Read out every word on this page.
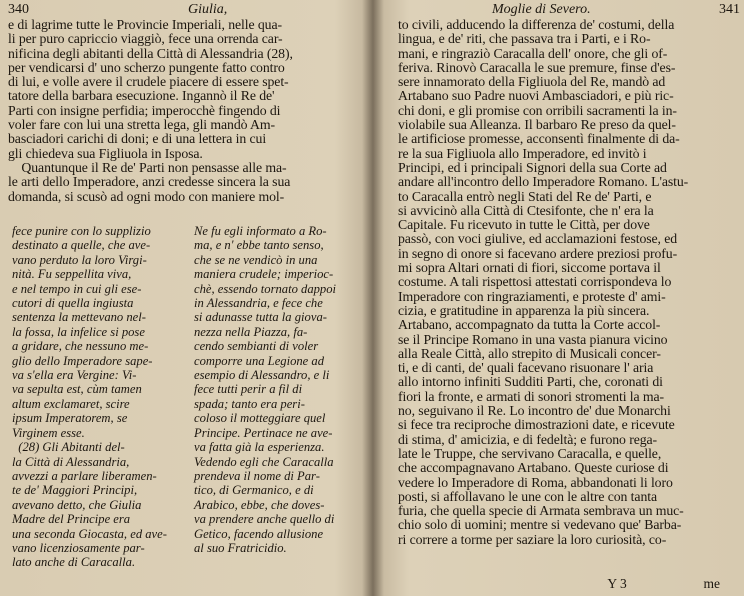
340	Giulia,
e di lagrime tutte le Provincie Imperiali, nelle qua-
li per puro capriccio viaggiò, fece una orrenda car-
nificina degli abitanti della Città di Alessandria (28),
per vendicarsi d' uno scherzo pungente fatto contro
di lui, e volle avere il crudele piacere di essere spet-
tatore della barbara esecuzione. Ingannò il Re de'
Parti con insigne perfidia; imperocchè fingendo di
voler fare con lui una stretta lega, gli mandò Am-
basciadori carichi di doni; e di una lettera in cui
gli chiedeva sua Figliuola in Isposa.
Quantunque il Re de' Parti non pensasse alle ma-
le arti dello Imperadore, anzi credesse sincera la sua
domanda, si scusò ad ogni modo con maniere mol-
fece punire con lo supplizio
destinato a quelle, che ave-
vano perduto la loro Virgi-
nità. Fu seppellita viva,
e nel tempo in cui gli ese-
cutori di quella ingiusta
sentenza la mettevano nel-
la fossa, la infelice si pose
a gridare, che nessuno me-
glio dello Imperadore sape-
va s'ella era Vergine: Vi-
va sepulta est, cùm tamen
altum exclamaret, scire
ipsum Imperatorem, se
Virginem esse.
(28) Gli Abitanti del-
la Città di Alessandria,
avvezzi a parlare liberamen-
te de' Maggiori Principi,
avevano detto, che Giulia
Madre del Principe era
una seconda Giocasta, ed ave-
vano licenziosamente par-
lato anche di Caracalla.
Ne fu egli informato a Ro-
ma, e n' ebbe tanto senso,
che se ne vendicò in una
maniera crudele; imperioc-
chè, essendo tornato dappoi
in Alessandria, e fece che
si adunasse tutta la giova-
nezza nella Piazza, fa-
cendo sembianti di voler
comporre una Legione ad
esempio di Alessandro, e li
fece tutti perir a fil di
spada; tanto era peri-
coloso il motteggiare quel
Principe. Pertinace ne ave-
va fatta già la esperienza.
Vedendo egli che Caracalla
prendeva il nome di Par-
tico, di Germanico, e di
Arabico, ebbe, che doves-
va prendere anche quello di
Getico, facendo allusione
al suo Fratricidio.
Moglie di Severo.	341
to civili, adducendo la differenza de' costumi, della
lingua, e de' riti, che passava tra i Parti, e i Ro-
mani, e ringraziò Caracalla dell' onore, che gli of-
feriva. Rinovò Caracalla le sue premure, finse d'es-
sere innamorato della Figliuola del Re, mandò ad
Artabano suo Padre nuovi Ambasciadori, e più ric-
chi doni, e gli promise con orribili sacramenti la in-
violabile sua Alleanza. Il barbaro Re preso da quel-
le artificiose promesse, acconsentì finalmente di da-
re la sua Figliuola allo Imperadore, ed invitò i
Principi, ed i principali Signori della sua Corte ad
andare all'incontro dello Imperadore Romano. L'astu-
to Caracalla entrò negli Stati del Re de' Parti, e
si avvicinò alla Città di Ctesifonte, che n' era la
Capitale. Fu ricevuto in tutte le Città, per dove
passò, con voci giulive, ed acclamazioni festose, ed
in segno di onore si facevano ardere preziosi profu-
mi sopra Altari ornati di fiori, siccome portava il
costume. A tali rispettosi attestati corrispondeva lo
Imperadore con ringraziamenti, e proteste d' ami-
cizia, e gratitudine in apparenza la più sincera.
Artabano, accompagnato da tutta la Corte accol-
se il Principe Romano in una vasta pianura vicino
alla Reale Città, allo strepito di Musicali concer-
ti, e di canti, de' quali facevano risuonare l' aria
allo intorno infiniti Sudditi Parti, che, coronati di
fiori la fronte, e armati di sonori stromenti la ma-
no, seguivano il Re. Lo incontro de' due Monarchi
si fece tra reciproche dimostrazioni date, e ricevute
di stima, d' amicizia, e di fedeltà; e furono rega-
late le Truppe, che servivano Caracalla, e quelle,
che accompagnavano Artabano. Queste curiose di
vedere lo Imperadore di Roma, abbandonati li loro
posti, si affollavano le une con le altre con tanta
furia, che quella specie di Armata sembrava un muc-
chio solo di uomini; mentre si vedevano que' Barba-
ri correre a torme per saziare la loro curiosità, co-
Y 3	me
